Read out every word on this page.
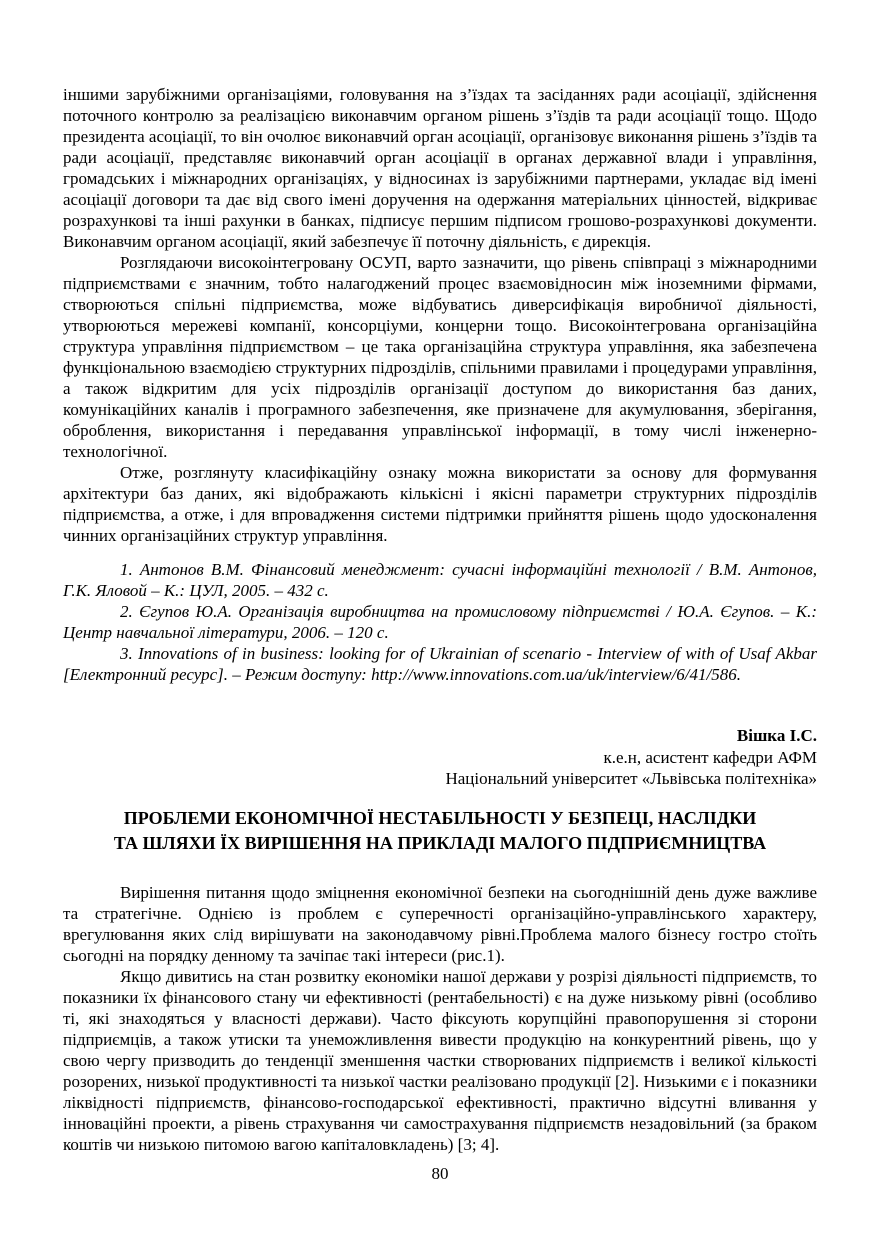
іншими зарубіжними організаціями, головування на з’їздах та засіданнях ради асоціації, здійснення поточного контролю за реалізацією виконавчим органом рішень з’їздів та ради асоціації тощо. Щодо президента асоціації, то він очолює виконавчий орган асоціації, організовує виконання рішень з’їздів та ради асоціації, представляє виконавчий орган асоціації в органах державної влади і управління, громадських і міжнародних організаціях, у відносинах із зарубіжними партнерами, укладає від імені асоціації договори та дає від свого імені доручення на одержання матеріальних цінностей, відкриває розрахункові та інші рахунки в банках, підписує першим підписом грошово-розрахункові документи. Виконавчим органом асоціації, який забезпечує її поточну діяльність, є дирекція.

Розглядаючи високоінтегровану ОСУП, варто зазначити, що рівень співпраці з міжнародними підприємствами є значним, тобто налагоджений процес взаємовідносин між іноземними фірмами, створюються спільні підприємства, може відбуватись диверсифікація виробничої діяльності, утворюються мережеві компанії, консорціуми, концерни тощо. Високоінтегрована організаційна структура управління підприємством – це така організаційна структура управління, яка забезпечена функціональною взаємодією структурних підрозділів, спільними правилами і процедурами управління, а також відкритим для усіх підрозділів організації доступом до використання баз даних, комунікаційних каналів і програмного забезпечення, яке призначене для акумулювання, зберігання, оброблення, використання і передавання управлінської інформації, в тому числі інженерно-технологічної.

Отже, розглянуту класифікаційну ознаку можна використати за основу для формування архітектури баз даних, які відображають кількісні і якісні параметри структурних підрозділів підприємства, а отже, і для впровадження системи підтримки прийняття рішень щодо удосконалення чинних організаційних структур управління.

1. Антонов В.М. Фінансовий менеджмент: сучасні інформаційні технології / В.М. Антонов, Г.К. Яловой – К.: ЦУЛ, 2005. – 432 с.

2. Єгупов Ю.А. Організація виробництва на промисловому підприємстві / Ю.А. Єгупов. – К.: Центр навчальної літератури, 2006. – 120 с.

3. Innovations of in business: looking for of Ukrainian of scenario - Interview of with of Usaf Akbar [Електронний ресурс]. – Режим доступу: http://www.innovations.com.ua/uk/interview/6/41/586.

Вішка І.С.
к.е.н, асистент кафедри АФМ
Національний університет «Львівська політехніка»
ПРОБЛЕМИ ЕКОНОМІЧНОЇ НЕСТАБІЛЬНОСТІ У БЕЗПЕЦІ, НАСЛІДКИ
ТА ШЛЯХИ ЇХ ВИРІШЕННЯ НА ПРИКЛАДІ МАЛОГО ПІДПРИЄМНИЦТВА

Вирішення питання щодо зміцнення економічної безпеки на сьогоднішній день дуже важливе та стратегічне. Однією із проблем є суперечності організаційно-управлінського характеру, врегулювання яких слід вирішувати на законодавчому рівні.Проблема малого бізнесу гостро стоїть сьогодні на порядку денному та зачіпає такі інтереси (рис.1).

Якщо дивитись на стан розвитку економіки нашої держави у розрізі діяльності підприємств, то показники їх фінансового стану чи ефективності (рентабельності) є на дуже низькому рівні (особливо ті, які знаходяться у власності держави). Часто фіксують корупційні правопорушення зі сторони підприємців, а також утиски та унеможливлення вивести продукцію на конкурентний рівень, що у свою чергу призводить до тенденції зменшення частки створюваних підприємств і великої кількості розорених, низької продуктивності та низької частки реалізовано продукції [2]. Низькими є і показники ліквідності підприємств, фінансово-господарської ефективності, практично відсутні вливання у інноваційні проекти, а рівень страхування чи самострахування підприємств незадовільний (за браком коштів чи низькою питомою вагою капіталовкладень) [3; 4].

80
